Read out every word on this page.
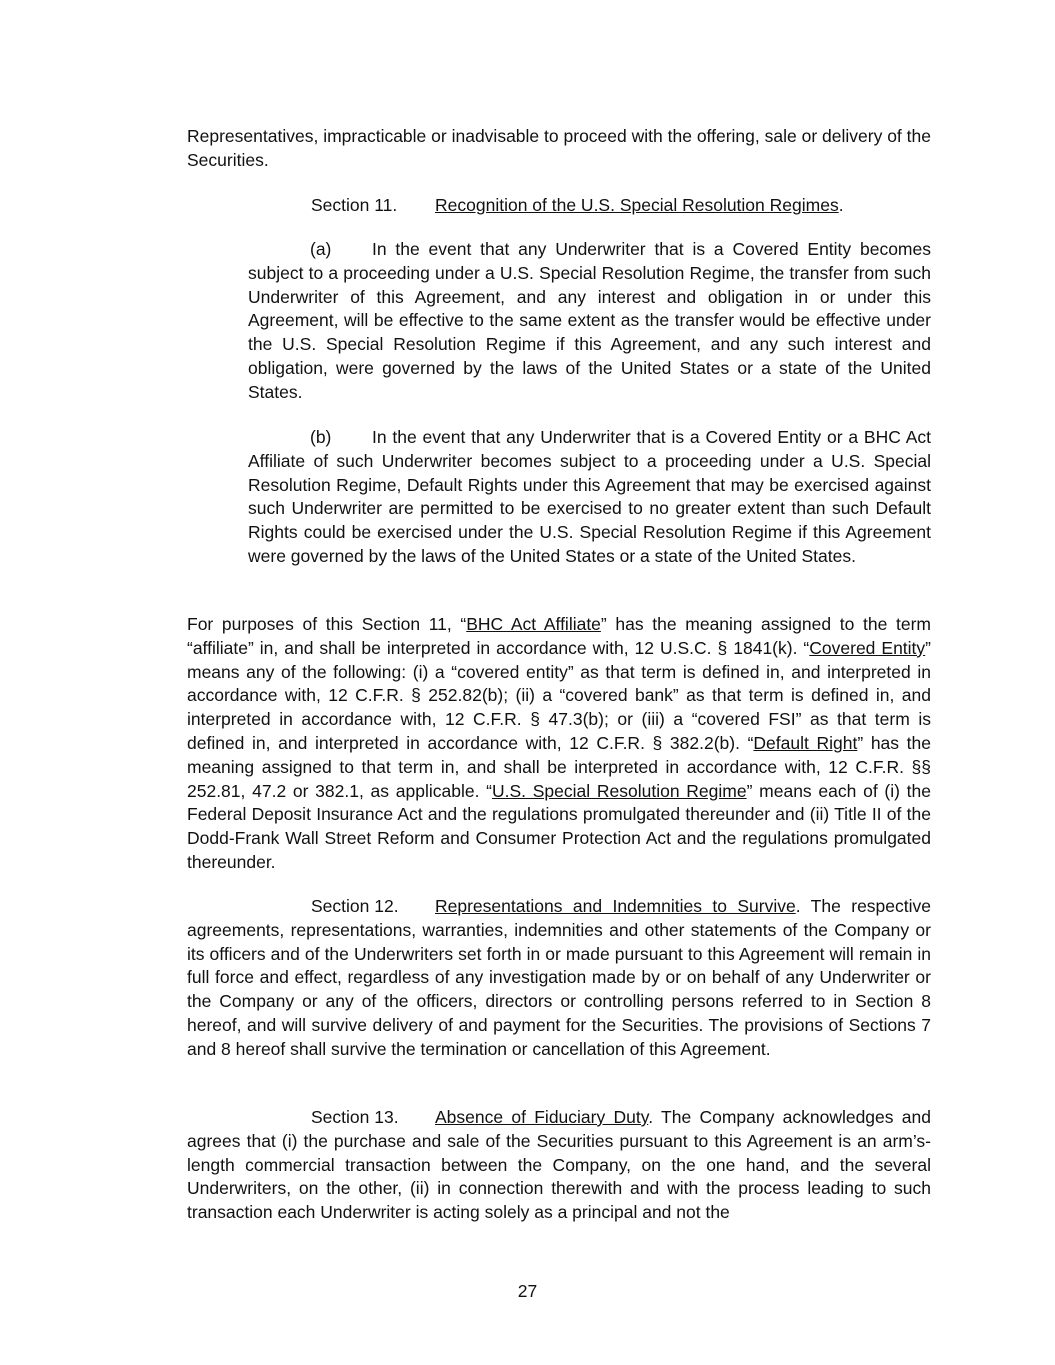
Representatives, impracticable or inadvisable to proceed with the offering, sale or delivery of the Securities.

Section 11. Recognition of the U.S. Special Resolution Regimes.

(a) In the event that any Underwriter that is a Covered Entity becomes subject to a proceeding under a U.S. Special Resolution Regime, the transfer from such Underwriter of this Agreement, and any interest and obligation in or under this Agreement, will be effective to the same extent as the transfer would be effective under the U.S. Special Resolution Regime if this Agreement, and any such interest and obligation, were governed by the laws of the United States or a state of the United States.

(b) In the event that any Underwriter that is a Covered Entity or a BHC Act Affiliate of such Underwriter becomes subject to a proceeding under a U.S. Special Resolution Regime, Default Rights under this Agreement that may be exercised against such Underwriter are permitted to be exercised to no greater extent than such Default Rights could be exercised under the U.S. Special Resolution Regime if this Agreement were governed by the laws of the United States or a state of the United States.

For purposes of this Section 11, “BHC Act Affiliate” has the meaning assigned to the term “affiliate” in, and shall be interpreted in accordance with, 12 U.S.C. § 1841(k). “Covered Entity” means any of the following: (i) a “covered entity” as that term is defined in, and interpreted in accordance with, 12 C.F.R. § 252.82(b); (ii) a “covered bank” as that term is defined in, and interpreted in accordance with, 12 C.F.R. § 47.3(b); or (iii) a “covered FSI” as that term is defined in, and interpreted in accordance with, 12 C.F.R. § 382.2(b). “Default Right” has the meaning assigned to that term in, and shall be interpreted in accordance with, 12 C.F.R. §§ 252.81, 47.2 or 382.1, as applicable. “U.S. Special Resolution Regime” means each of (i) the Federal Deposit Insurance Act and the regulations promulgated thereunder and (ii) Title II of the Dodd-Frank Wall Street Reform and Consumer Protection Act and the regulations promulgated thereunder.

Section 12. Representations and Indemnities to Survive. The respective agreements, representations, warranties, indemnities and other statements of the Company or its officers and of the Underwriters set forth in or made pursuant to this Agreement will remain in full force and effect, regardless of any investigation made by or on behalf of any Underwriter or the Company or any of the officers, directors or controlling persons referred to in Section 8 hereof, and will survive delivery of and payment for the Securities. The provisions of Sections 7 and 8 hereof shall survive the termination or cancellation of this Agreement.

Section 13. Absence of Fiduciary Duty. The Company acknowledges and agrees that (i) the purchase and sale of the Securities pursuant to this Agreement is an arm’s-length commercial transaction between the Company, on the one hand, and the several Underwriters, on the other, (ii) in connection therewith and with the process leading to such transaction each Underwriter is acting solely as a principal and not the

27
